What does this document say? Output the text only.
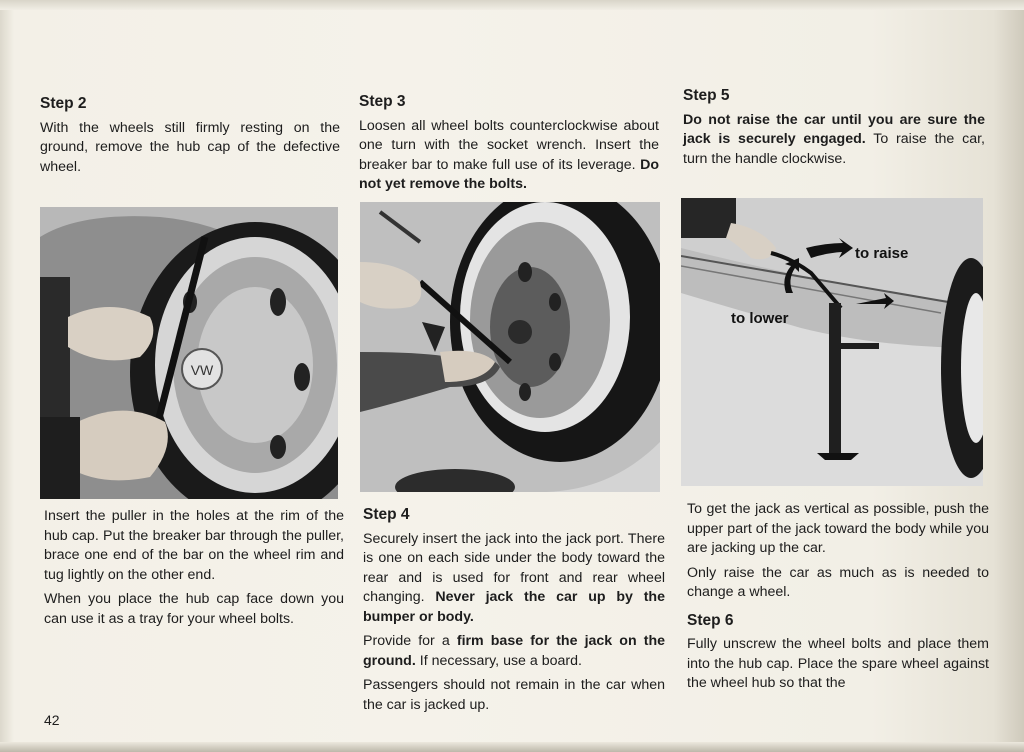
Step 2

With the wheels still firmly resting on the ground, remove the hub cap of the defective wheel.

VW

Insert the puller in the holes at the rim of the hub cap. Put the breaker bar through the puller, brace one end of the bar on the wheel rim and tug lightly on the other end.

When you place the hub cap face down you can use it as a tray for your wheel bolts.

Step 3

Loosen all wheel bolts counterclockwise about one turn with the socket wrench. Insert the breaker bar to make full use of its leverage. Do not yet remove the bolts.

Step 4

Securely insert the jack into the jack port. There is one on each side under the body toward the rear and is used for front and rear wheel changing. Never jack the car up by the bumper or body.

Provide for a firm base for the jack on the ground. If necessary, use a board.

Passengers should not remain in the car when the car is jacked up.

Step 5

Do not raise the car until you are sure the jack is securely engaged. To raise the car, turn the handle clockwise.

to raise
to lower

To get the jack as vertical as possible, push the upper part of the jack toward the body while you are jacking up the car.

Only raise the car as much as is needed to change a wheel.

Step 6

Fully unscrew the wheel bolts and place them into the hub cap. Place the spare wheel against the wheel hub so that the

42
